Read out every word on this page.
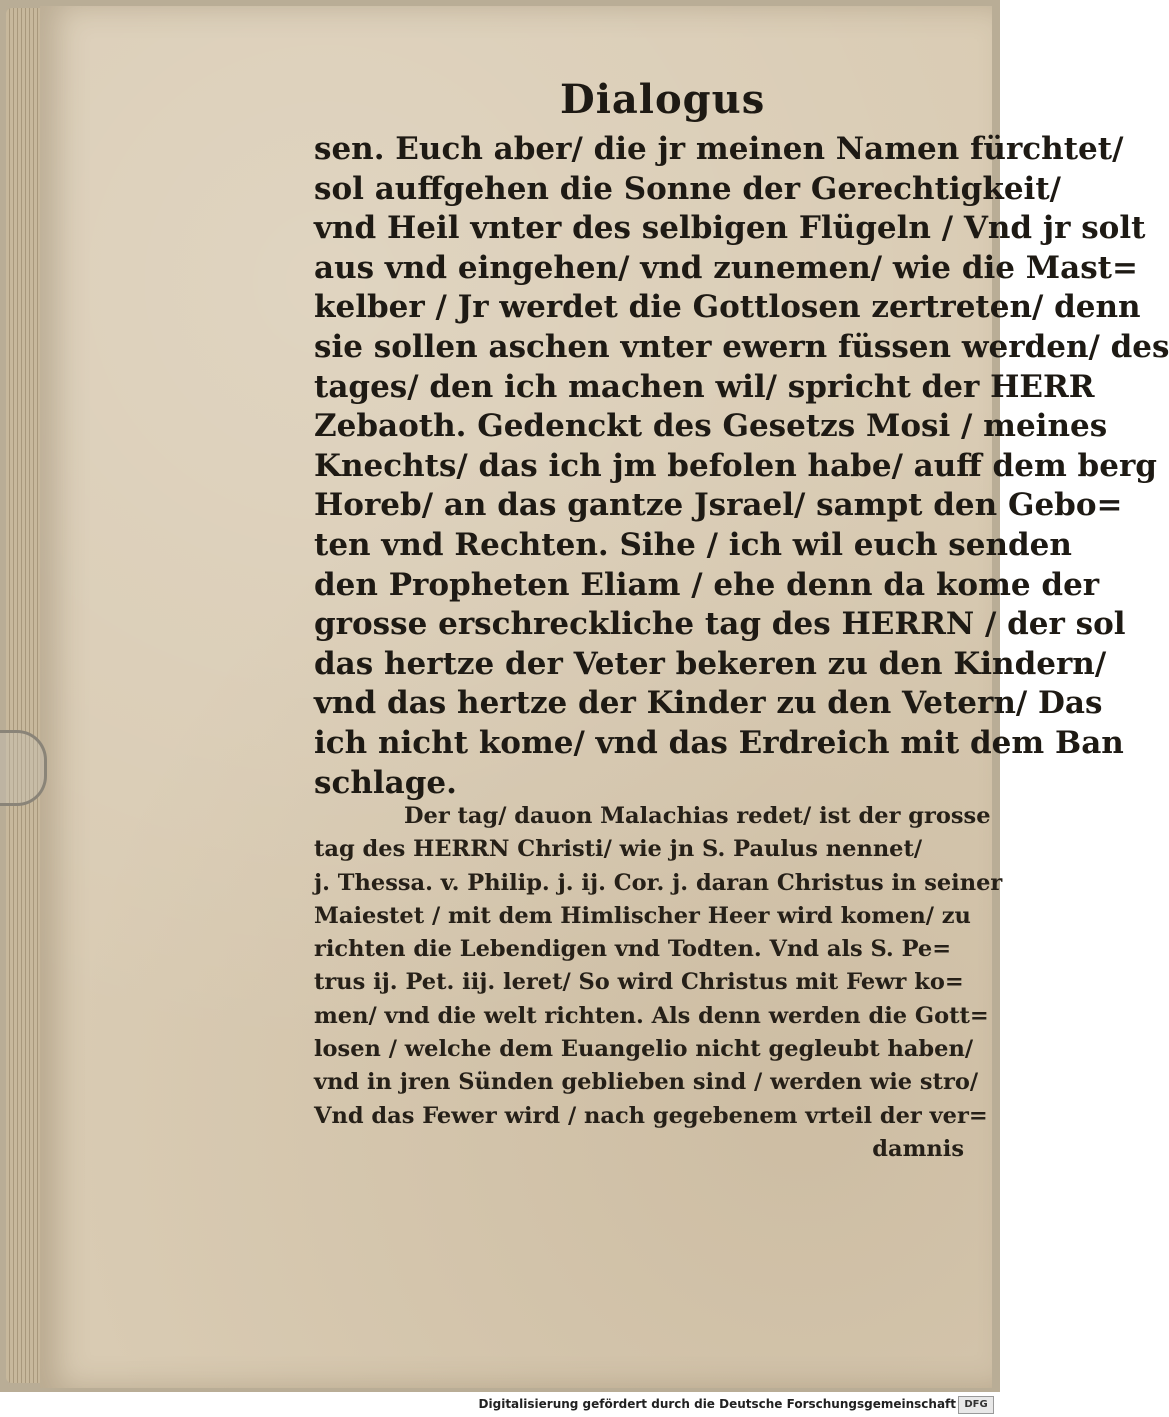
Dialogus
sen. Euch aber/ die jr meinen Namen fürchtet/
sol auffgehen die Sonne der Gerechtigkeit/
vnd Heil vnter des selbigen Flügeln / Vnd jr solt
aus vnd eingehen/ vnd zunemen/ wie die Mast=
kelber / Jr werdet die Gottlosen zertreten/ denn
sie sollen aschen vnter ewern füssen werden/ des
tages/ den ich machen wil/ spricht der HERR
Zebaoth. Gedenckt des Gesetzs Mosi / meines
Knechts/ das ich jm befolen habe/ auff dem berg
Horeb/ an das gantze Jsrael/ sampt den Gebo=
ten vnd Rechten. Sihe / ich wil euch senden
den Propheten Eliam / ehe denn da kome der
grosse erschreckliche tag des HERRN / der sol
das hertze der Veter bekeren zu den Kindern/
vnd das hertze der Kinder zu den Vetern/ Das
ich nicht kome/ vnd das Erdreich mit dem Ban
schlage.
Der tag/ dauon Malachias redet/ ist der grosse
tag des HERRN Christi/ wie jn S. Paulus nennet/
j. Thessa. v. Philip. j. ij. Cor. j. daran Christus in seiner
Maiestet / mit dem Himlischer Heer wird komen/ zu
richten die Lebendigen vnd Todten. Vnd als S. Pe=
trus ij. Pet. iij. leret/ So wird Christus mit Fewr ko=
men/ vnd die welt richten. Als denn werden die Gott=
losen / welche dem Euangelio nicht gegleubt haben/
vnd in jren Sünden geblieben sind / werden wie stro/
Vnd das Fewer wird / nach gegebenem vrteil der ver=
damnis
Digitalisierung gefördert durch die Deutsche Forschungsgemeinschaft DFG
